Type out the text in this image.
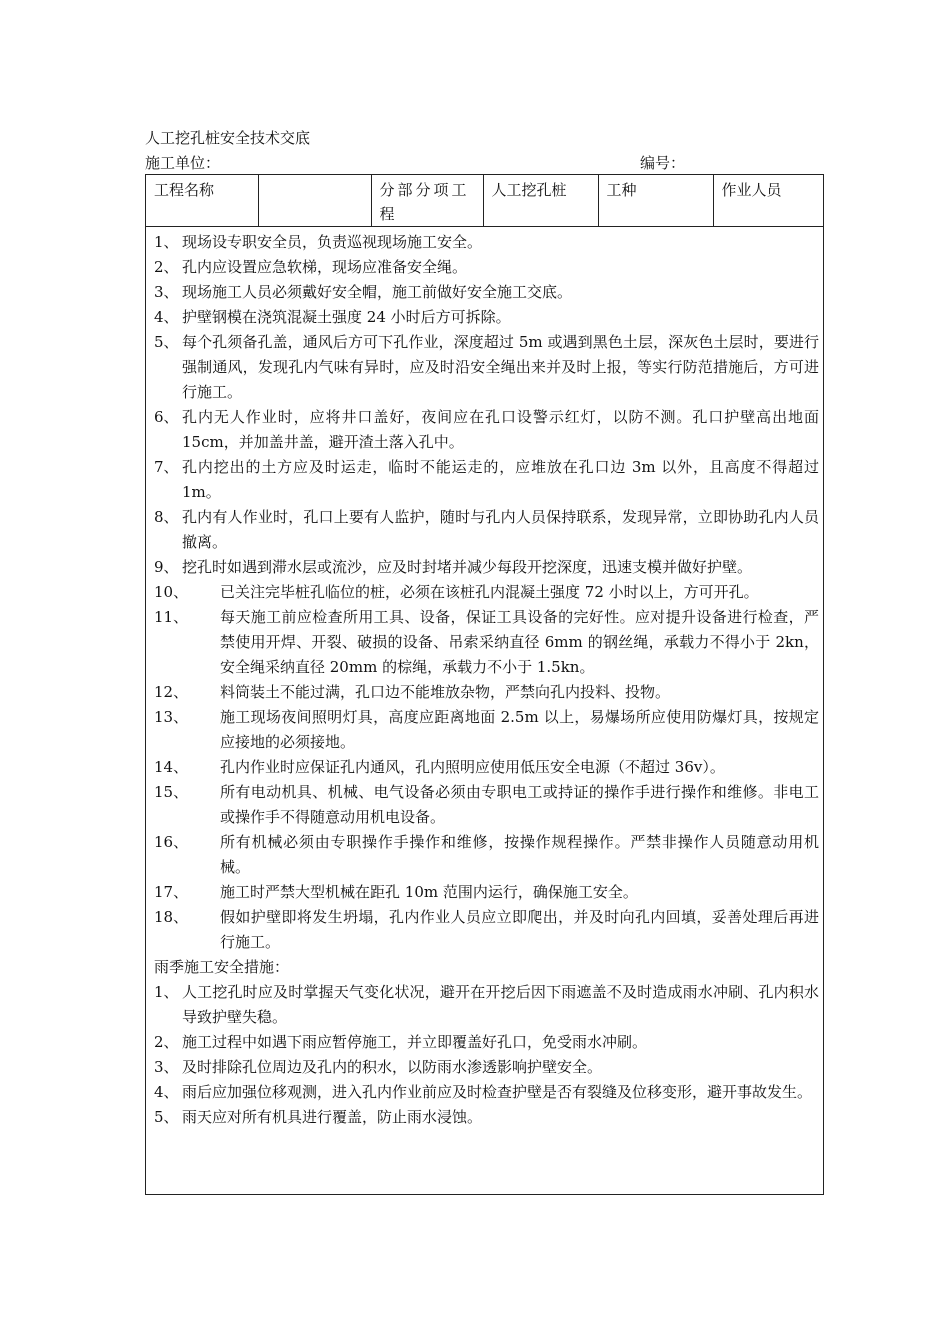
人工挖孔桩安全技术交底
施工单位：	编号：
工程名称		分部分项工程	人工挖孔桩	工种	作业人员
1、 现场设专职安全员，负责巡视现场施工安全。
2、 孔内应设置应急软梯，现场应准备安全绳。
3、 现场施工人员必须戴好安全帽，施工前做好安全施工交底。
4、 护壁钢模在浇筑混凝土强度 24 小时后方可拆除。
5、 每个孔须备孔盖，通风后方可下孔作业，深度超过 5m 或遇到黑色土层，深灰色土层时，要进行强制通风，发现孔内气味有异时，应及时沿安全绳出来并及时上报，等实行防范措施后，方可进行施工。
6、 孔内无人作业时，应将井口盖好，夜间应在孔口设警示红灯，以防不测。孔口护壁高出地面 15cm，并加盖井盖，避开渣土落入孔中。
7、 孔内挖出的土方应及时运走，临时不能运走的，应堆放在孔口边 3m 以外，且高度不得超过 1m。
8、 孔内有人作业时，孔口上要有人监护，随时与孔内人员保持联系，发现异常，立即协助孔内人员撤离。
9、 挖孔时如遇到滞水层或流沙，应及时封堵并减少每段开挖深度，迅速支模并做好护壁。
10、	已关注完毕桩孔临位的桩，必须在该桩孔内混凝土强度 72 小时以上，方可开孔。
11、	每天施工前应检查所用工具、设备，保证工具设备的完好性。应对提升设备进行检查，严禁使用开焊、开裂、破损的设备、吊索采纳直径 6mm 的钢丝绳，承载力不得小于 2kn，安全绳采纳直径 20mm 的棕绳，承载力不小于 1.5kn。
12、	料筒装土不能过满，孔口边不能堆放杂物，严禁向孔内投料、投物。
13、	施工现场夜间照明灯具，高度应距离地面 2.5m 以上，易爆场所应使用防爆灯具，按规定应接地的必须接地。
14、	孔内作业时应保证孔内通风，孔内照明应使用低压安全电源（不超过 36v）。
15、	所有电动机具、机械、电气设备必须由专职电工或持证的操作手进行操作和维修。非电工或操作手不得随意动用机电设备。
16、	所有机械必须由专职操作手操作和维修，按操作规程操作。严禁非操作人员随意动用机械。
17、	施工时严禁大型机械在距孔 10m 范围内运行，确保施工安全。
18、	假如护壁即将发生坍塌，孔内作业人员应立即爬出，并及时向孔内回填，妥善处理后再进行施工。
雨季施工安全措施：
1、 人工挖孔时应及时掌握天气变化状况，避开在开挖后因下雨遮盖不及时造成雨水冲刷、孔内积水导致护壁失稳。
2、 施工过程中如遇下雨应暂停施工，并立即覆盖好孔口，免受雨水冲刷。
3、 及时排除孔位周边及孔内的积水，以防雨水渗透影响护壁安全。
4、 雨后应加强位移观测，进入孔内作业前应及时检查护壁是否有裂缝及位移变形，避开事故发生。
5、 雨天应对所有机具进行覆盖，防止雨水浸蚀。
